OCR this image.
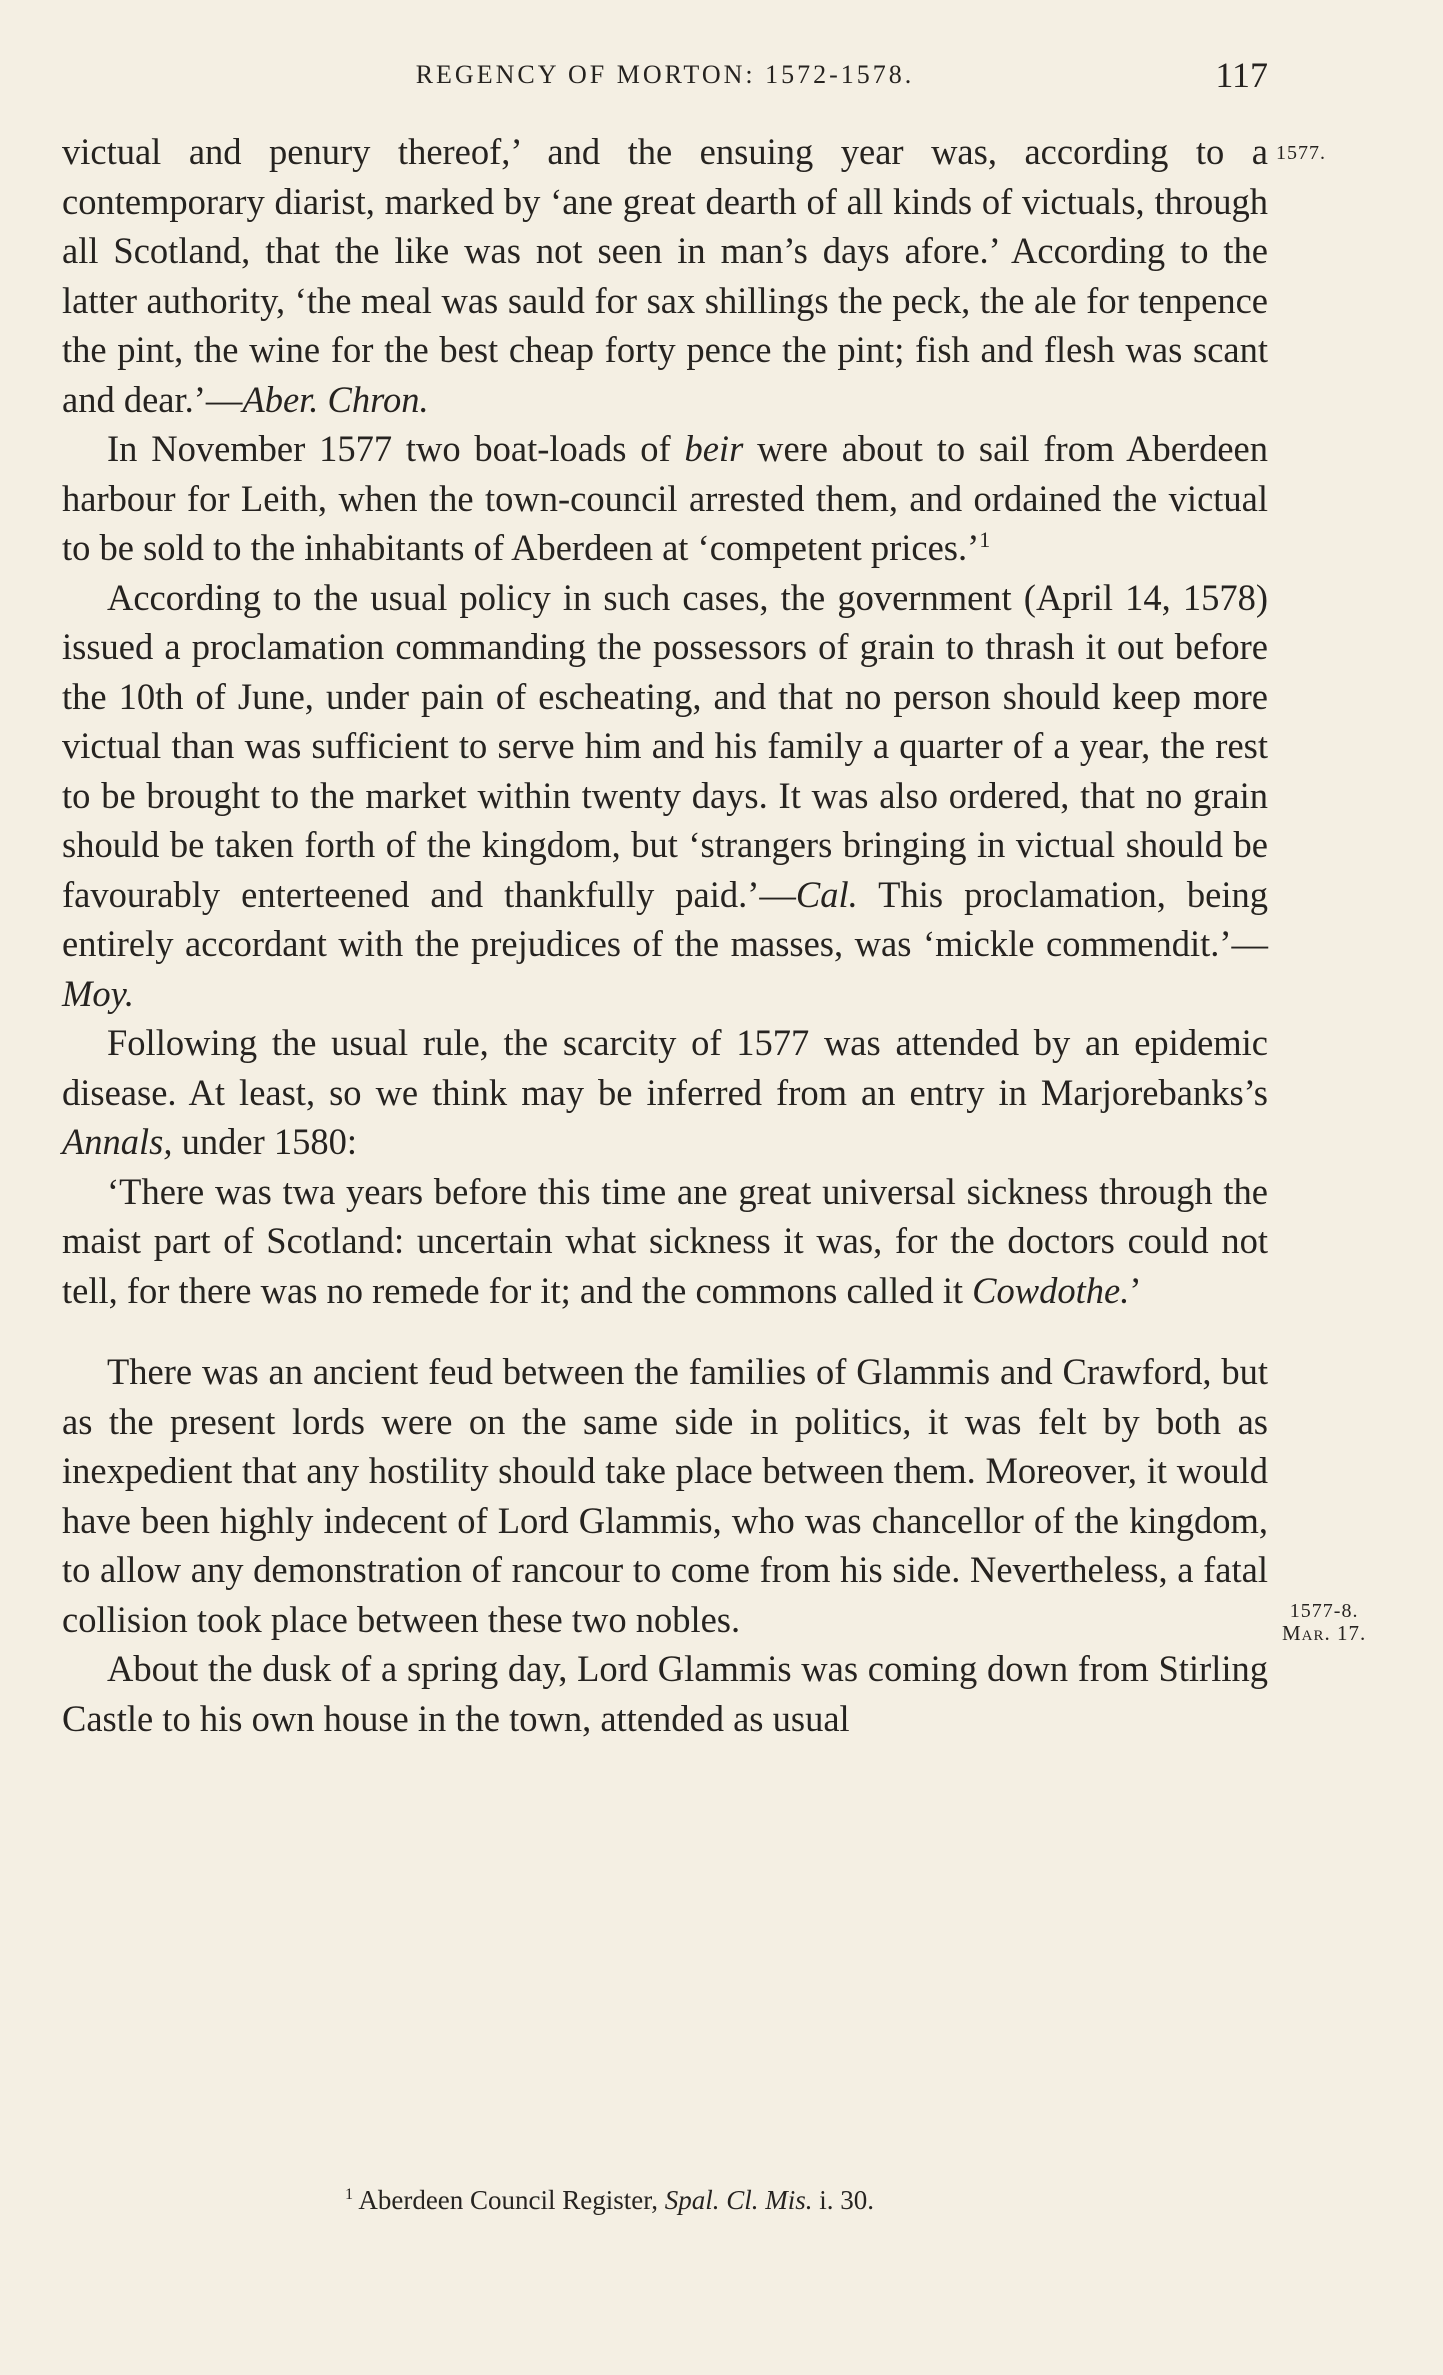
REGENCY OF MORTON: 1572-1578.	117
1577.
1577-8.
Mar. 17.

victual and penury thereof,’ and the ensuing year was, according to a contemporary diarist, marked by ‘ane great dearth of all kinds of victuals, through all Scotland, that the like was not seen in man’s days afore.’ According to the latter authority, ‘the meal was sauld for sax shillings the peck, the ale for tenpence the pint, the wine for the best cheap forty pence the pint; fish and flesh was scant and dear.’—Aber. Chron.

In November 1577 two boat-loads of beir were about to sail from Aberdeen harbour for Leith, when the town-council arrested them, and ordained the victual to be sold to the inhabitants of Aberdeen at ‘competent prices.’$^1$

According to the usual policy in such cases, the government (April 14, 1578) issued a proclamation commanding the possessors of grain to thrash it out before the 10th of June, under pain of escheating, and that no person should keep more victual than was sufficient to serve him and his family a quarter of a year, the rest to be brought to the market within twenty days. It was also ordered, that no grain should be taken forth of the kingdom, but ‘strangers bringing in victual should be favourably enterteened and thankfully paid.’—Cal. This proclamation, being entirely accordant with the prejudices of the masses, was ‘mickle commendit.’—Moy.

Following the usual rule, the scarcity of 1577 was attended by an epidemic disease. At least, so we think may be inferred from an entry in Marjorebanks’s Annals, under 1580:

‘There was twa years before this time ane great universal sickness through the maist part of Scotland: uncertain what sickness it was, for the doctors could not tell, for there was no remede for it; and the commons called it Cowdothe.’

There was an ancient feud between the families of Glammis and Crawford, but as the present lords were on the same side in politics, it was felt by both as inexpedient that any hostility should take place between them. Moreover, it would have been highly indecent of Lord Glammis, who was chancellor of the kingdom, to allow any demonstration of rancour to come from his side. Nevertheless, a fatal collision took place between these two nobles.

About the dusk of a spring day, Lord Glammis was coming down from Stirling Castle to his own house in the town, attended as usual

$^1$ Aberdeen Council Register, Spal. Cl. Mis. i. 30.
